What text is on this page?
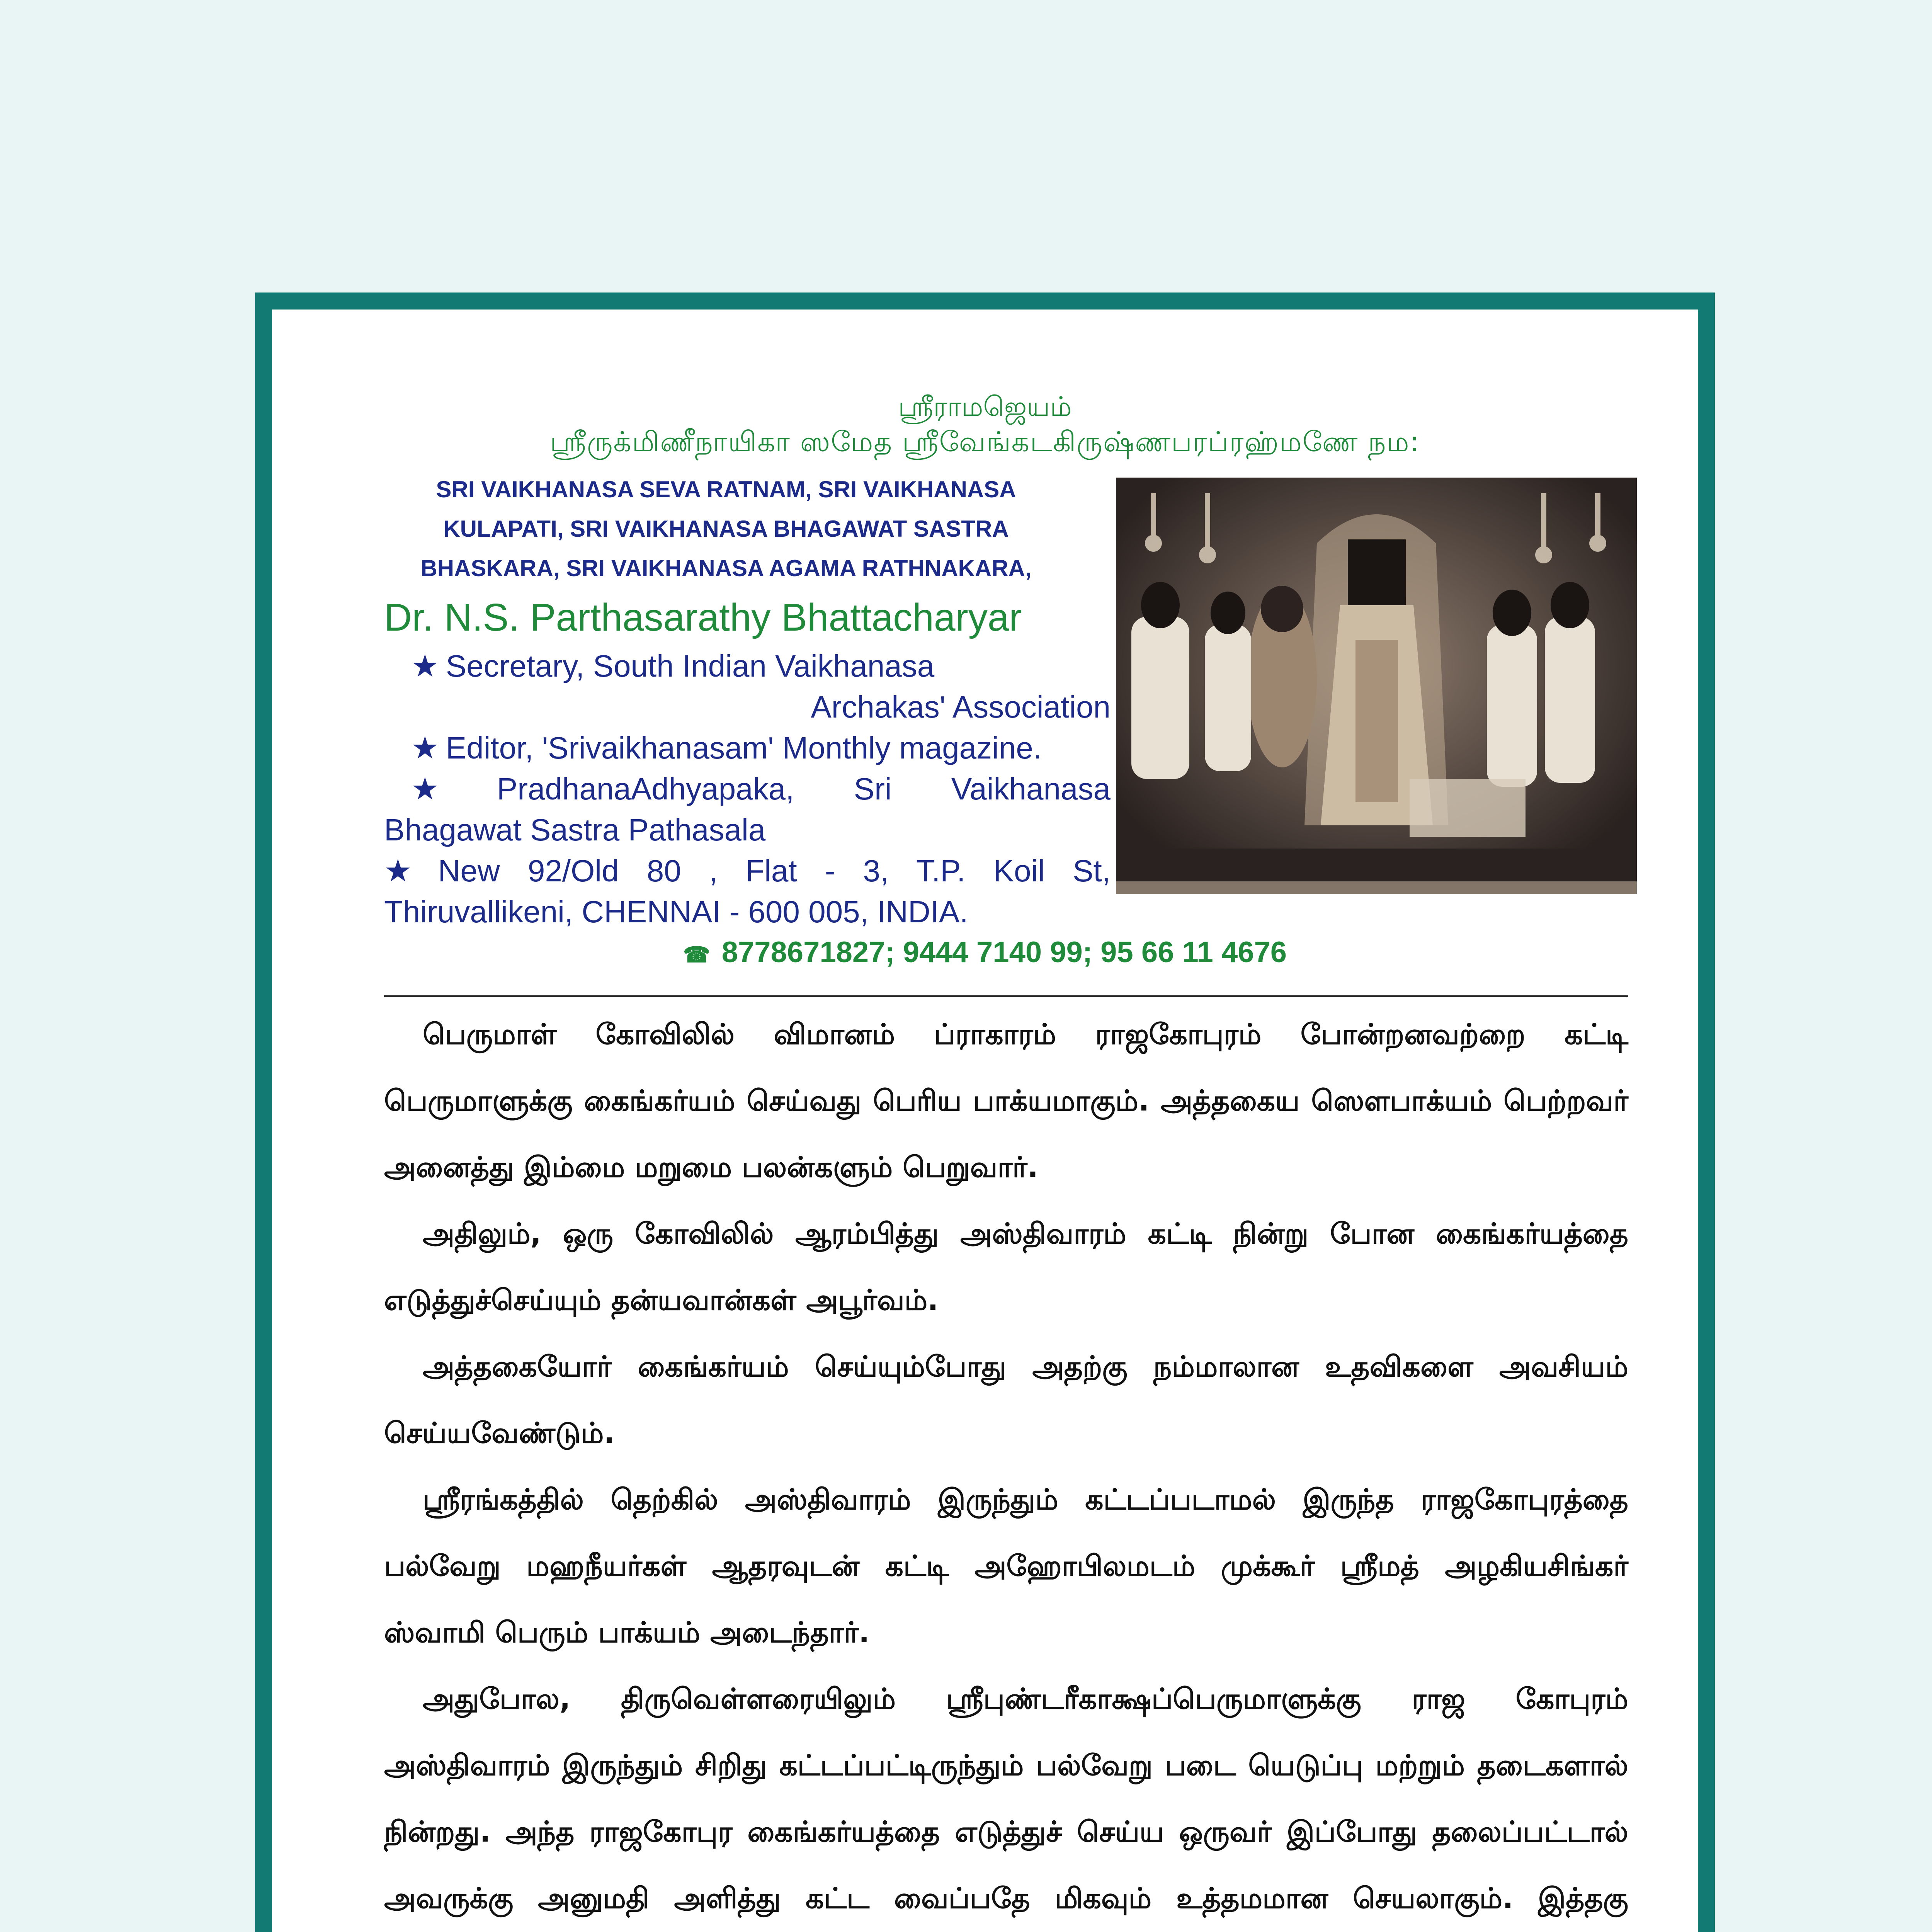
ஸ்ரீராமஜெயம்
ஸ்ரீருக்மிணீநாயிகா ஸமேத ஸ்ரீவேங்கடகிருஷ்ணபரப்ரஹ்மணே நம:
SRI VAIKHANASA SEVA RATNAM, SRI VAIKHANASA
KULAPATI, SRI VAIKHANASA BHAGAWAT SASTRA
BHASKARA, SRI VAIKHANASA AGAMA RATHNAKARA,
Dr. N.S. Parthasarathy Bhattacharyar
★ Secretary, South Indian Vaikhanasa
Archakas' Association
★ Editor, 'Srivaikhanasam' Monthly magazine.
★ PradhanaAdhyapaka, Sri Vaikhanasa
Bhagawat Sastra Pathasala
★ New 92/Old 80 , Flat - 3, T.P. Koil St,
Thiruvallikeni, CHENNAI - 600 005, INDIA.
☎ 8778671827; 9444 7140 99; 95 66 11 4676

பெருமாள் கோவிலில் விமானம் ப்ராகாரம் ராஜகோபுரம் போன்றனவற்றை கட்டி பெருமாளுக்கு கைங்கர்யம் செய்வது பெரிய பாக்யமாகும். அத்தகைய ஸௌபாக்யம் பெற்றவர் அனைத்து இம்மை மறுமை பலன்களும் பெறுவார்.

அதிலும், ஒரு கோவிலில் ஆரம்பித்து அஸ்திவாரம் கட்டி நின்று போன கைங்கர்யத்தை எடுத்துச்செய்யும் தன்யவான்கள் அபூர்வம்.

அத்தகையோர் கைங்கர்யம் செய்யும்போது அதற்கு நம்மாலான உதவிகளை அவசியம் செய்யவேண்டும்.

ஸ்ரீரங்கத்தில் தெற்கில் அஸ்திவாரம் இருந்தும் கட்டப்படாமல் இருந்த ராஜகோபுரத்தை பல்வேறு மஹநீயர்கள் ஆதரவுடன் கட்டி அஹோபிலமடம் முக்கூர் ஸ்ரீமத் அழகியசிங்கர் ஸ்வாமி பெரும் பாக்யம் அடைந்தார்.

அதுபோல, திருவெள்ளரையிலும் ஸ்ரீபுண்டரீகாக்ஷப்பெருமாளுக்கு ராஜ கோபுரம் அஸ்திவாரம் இருந்தும் சிறிது கட்டப்பட்டிருந்தும் பல்வேறு படை யெடுப்பு மற்றும் தடைகளால் நின்றது. அந்த ராஜகோபுர கைங்கர்யத்தை எடுத்துச் செய்ய ஒருவர் இப்போது தலைப்பட்டால் அவருக்கு அனுமதி அளித்து கட்ட வைப்பதே மிகவும் உத்தமமான செயலாகும். இத்தகு
